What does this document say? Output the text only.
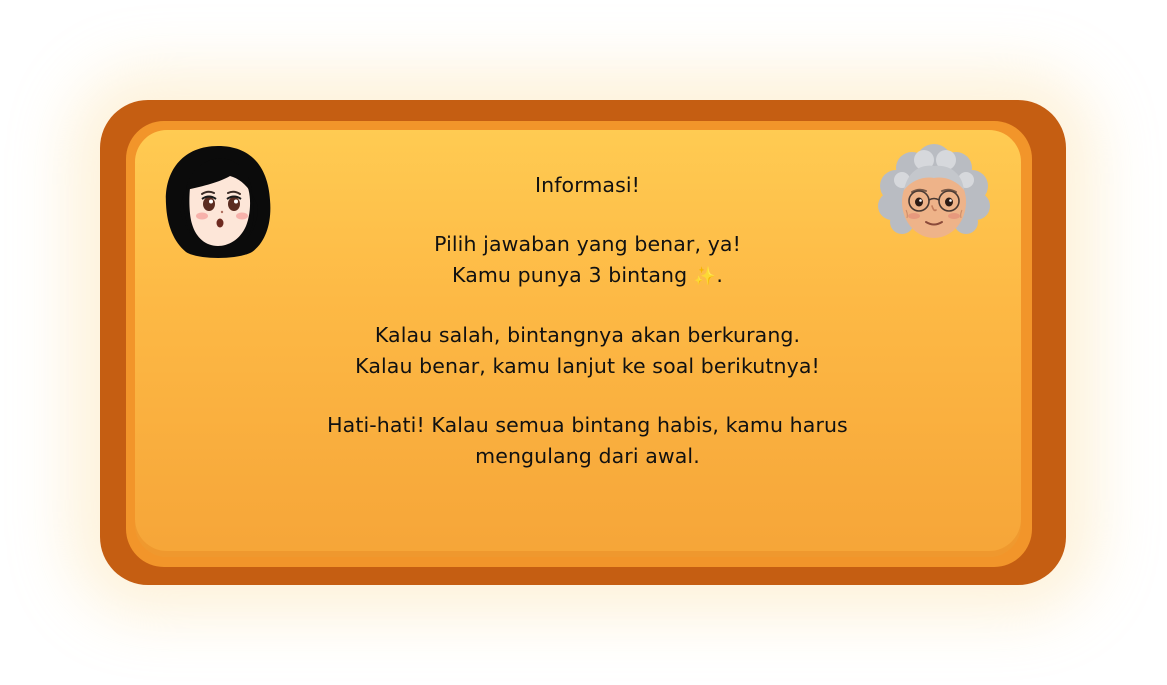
Informasi!
Pilih jawaban yang benar, ya!
Kamu punya 3 bintang ✨.
Kalau salah, bintangnya akan berkurang.
Kalau benar, kamu lanjut ke soal berikutnya!
Hati-hati! Kalau semua bintang habis, kamu harus
mengulang dari awal.
